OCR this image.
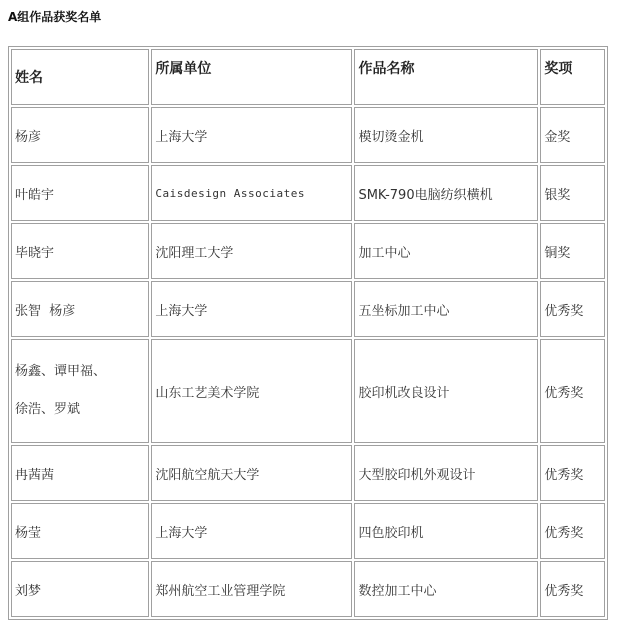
A组作品获奖名单
姓名	所属单位	作品名称	奖项
杨彦	上海大学	模切烫金机	金奖
叶皓宇	Caisdesign Associates	SMK-790电脑纺织横机	银奖
毕晓宇	沈阳理工大学	加工中心	铜奖
张智  杨彦	上海大学	五坐标加工中心	优秀奖

杨鑫、谭甲福、
徐浩、罗斌	山东工艺美术学院	胶印机改良设计	优秀奖
冉茜茜	沈阳航空航天大学	大型胶印机外观设计	优秀奖
杨莹	上海大学	四色胶印机	优秀奖
刘梦	郑州航空工业管理学院	数控加工中心	优秀奖
